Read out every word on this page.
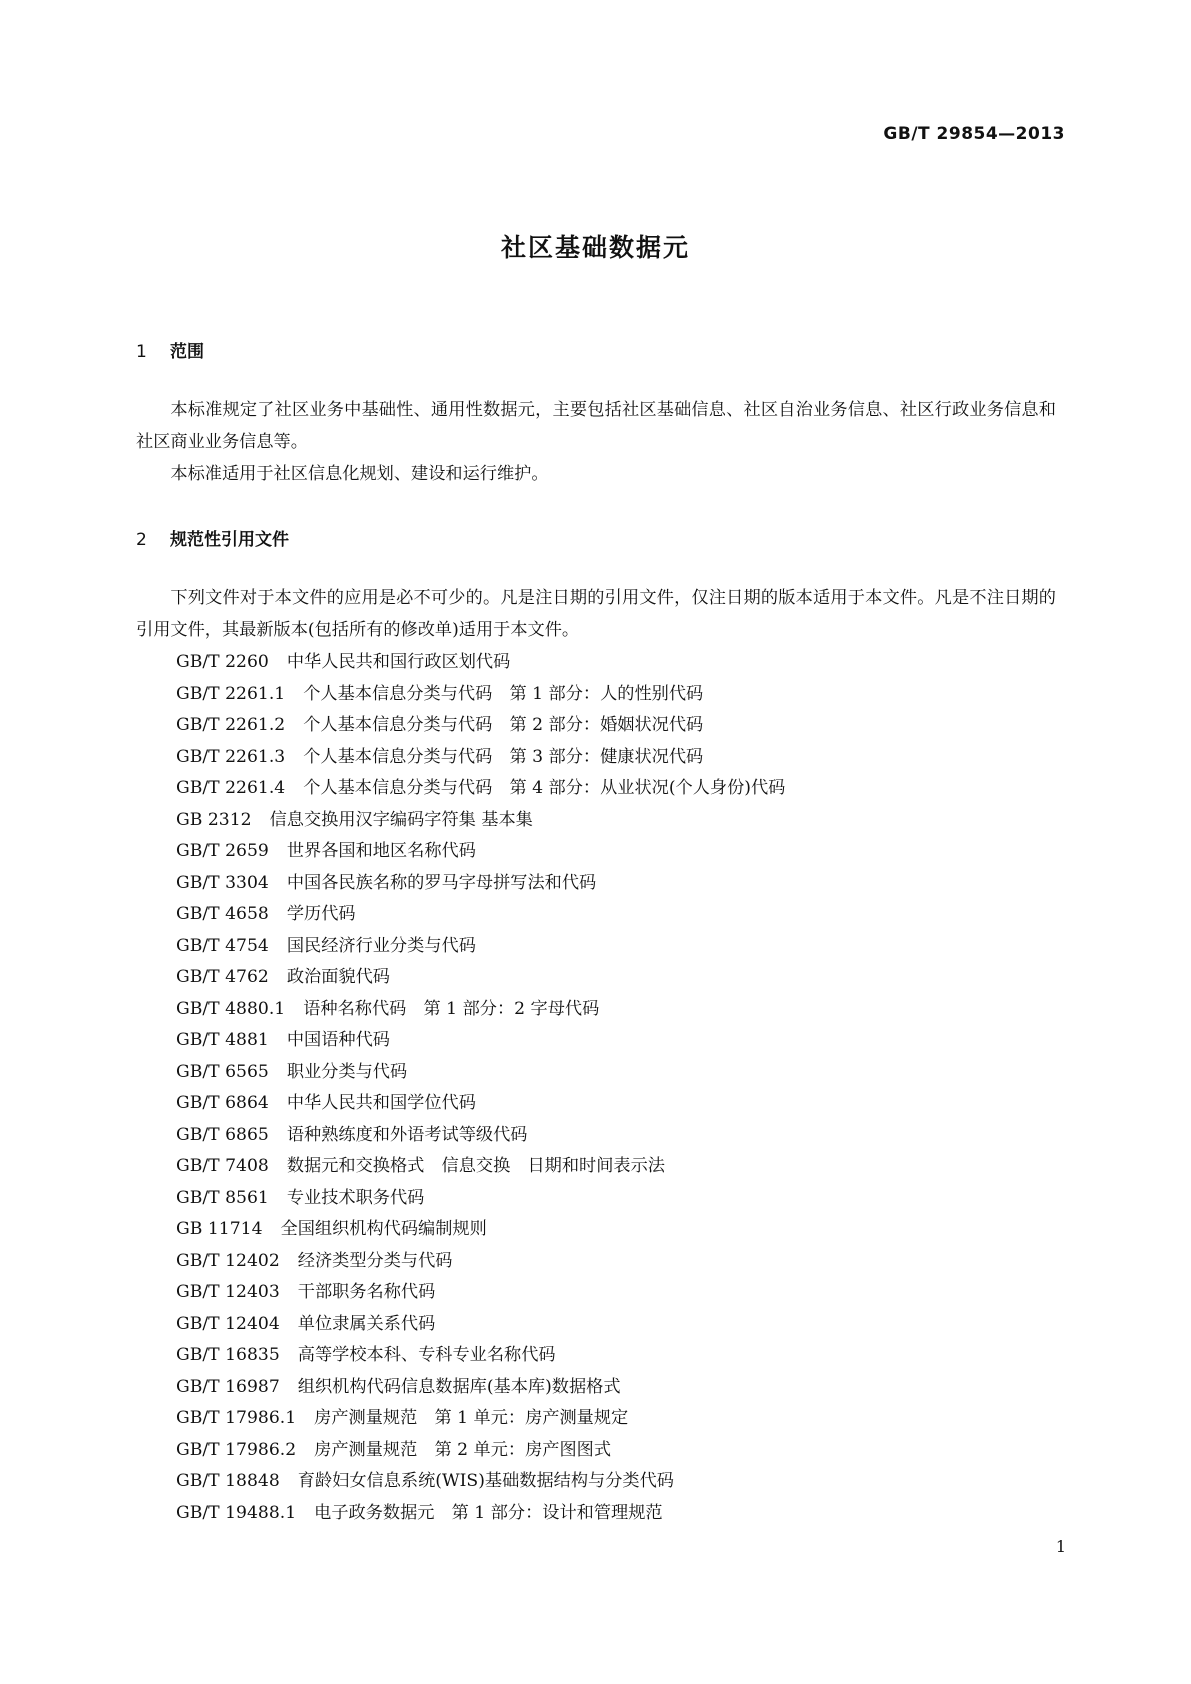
GB/T 29854—2013
社区基础数据元
1 范围

本标准规定了社区业务中基础性、通用性数据元，主要包括社区基础信息、社区自治业务信息、社区行政业务信息和社区商业业务信息等。

本标准适用于社区信息化规划、建设和运行维护。

2 规范性引用文件

下列文件对于本文件的应用是必不可少的。凡是注日期的引用文件，仅注日期的版本适用于本文件。凡是不注日期的引用文件，其最新版本(包括所有的修改单)适用于本文件。

GB/T 2260 中华人民共和国行政区划代码
GB/T 2261.1 个人基本信息分类与代码　第 1 部分：人的性别代码
GB/T 2261.2 个人基本信息分类与代码　第 2 部分：婚姻状况代码
GB/T 2261.3 个人基本信息分类与代码　第 3 部分：健康状况代码
GB/T 2261.4 个人基本信息分类与代码　第 4 部分：从业状况(个人身份)代码
GB 2312 信息交换用汉字编码字符集 基本集
GB/T 2659 世界各国和地区名称代码
GB/T 3304 中国各民族名称的罗马字母拼写法和代码
GB/T 4658 学历代码
GB/T 4754 国民经济行业分类与代码
GB/T 4762 政治面貌代码
GB/T 4880.1 语种名称代码　第 1 部分：2 字母代码
GB/T 4881 中国语种代码
GB/T 6565 职业分类与代码
GB/T 6864 中华人民共和国学位代码
GB/T 6865 语种熟练度和外语考试等级代码
GB/T 7408 数据元和交换格式　信息交换　日期和时间表示法
GB/T 8561 专业技术职务代码
GB 11714 全国组织机构代码编制规则
GB/T 12402 经济类型分类与代码
GB/T 12403 干部职务名称代码
GB/T 12404 单位隶属关系代码
GB/T 16835 高等学校本科、专科专业名称代码
GB/T 16987 组织机构代码信息数据库(基本库)数据格式
GB/T 17986.1 房产测量规范　第 1 单元：房产测量规定
GB/T 17986.2 房产测量规范　第 2 单元：房产图图式
GB/T 18848 育龄妇女信息系统(WIS)基础数据结构与分类代码
GB/T 19488.1 电子政务数据元　第 1 部分：设计和管理规范
1
